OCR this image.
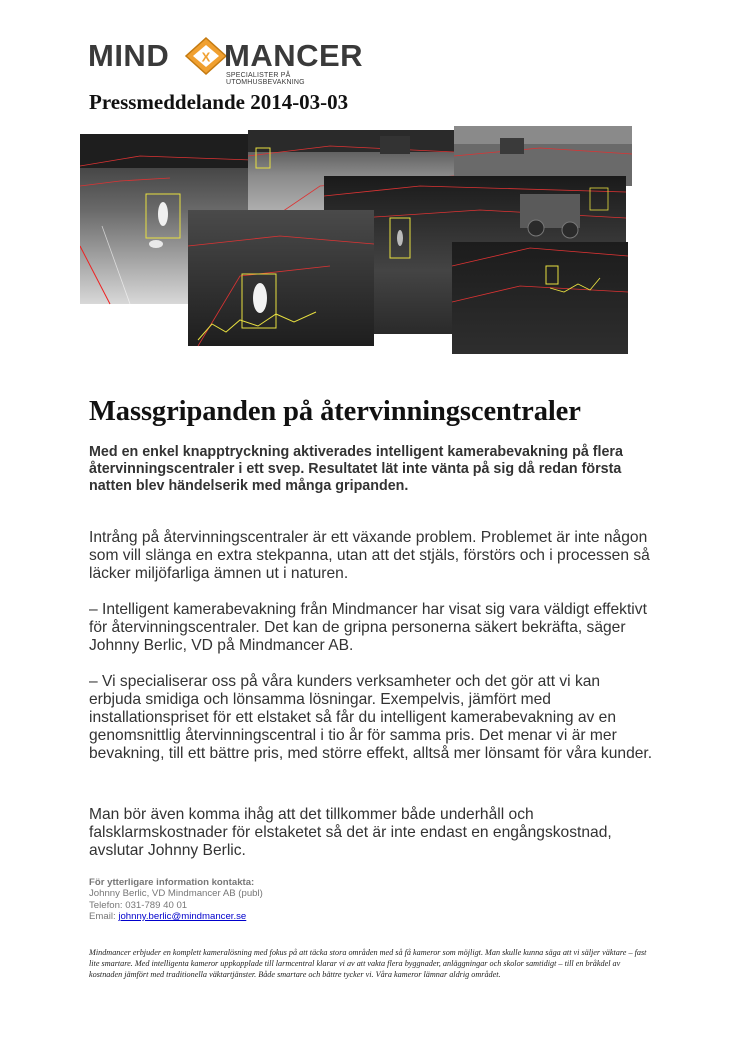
MIND X MANCER
SPECIALISTER PÅ UTOMHUSBEVAKNING
Pressmeddelande 2014-03-03
Massgripanden på återvinningscentraler

Med en enkel knapptryckning aktiverades intelligent kamerabevakning på flera återvinningscentraler i ett svep. Resultatet lät inte vänta på sig då redan första natten blev händelserik med många gripanden.

Intrång på återvinningscentraler är ett växande problem. Problemet är inte någon som vill slänga en extra stekpanna, utan att det stjäls, förstörs och i processen så läcker miljöfarliga ämnen ut i naturen.

– Intelligent kamerabevakning från Mindmancer har visat sig vara väldigt effektivt för återvinningscentraler. Det kan de gripna personerna säkert bekräfta, säger Johnny Berlic, VD på Mindmancer AB.

– Vi specialiserar oss på våra kunders verksamheter och det gör att vi kan erbjuda smidiga och lönsamma lösningar. Exempelvis, jämfört med installationspriset för ett elstaket så får du intelligent kamerabevakning av en genomsnittlig återvinningscentral i tio år för samma pris. Det menar vi är mer bevakning, till ett bättre pris, med större effekt, alltså mer lönsamt för våra kunder.

Man bör även komma ihåg att det tillkommer både underhåll och falsklarmskostnader för elstaketet så det är inte endast en engångskostnad, avslutar Johnny Berlic.

För ytterligare information kontakta:
Johnny Berlic, VD Mindmancer AB (publ)
Telefon: 031-789 40 01
Email: johnny.berlic@mindmancer.se

Mindmancer erbjuder en komplett kameralösning med fokus på att täcka stora områden med så få kameror som möjligt. Man skulle kunna säga att vi säljer väktare – fast lite smartare. Med intelligenta kameror uppkopplade till larmcentral klarar vi av att vakta flera byggnader, anläggningar och skolor samtidigt – till en bråkdel av kostnaden jämfört med traditionella väktartjänster. Både smartare och bättre tycker vi. Våra kameror lämnar aldrig området.
